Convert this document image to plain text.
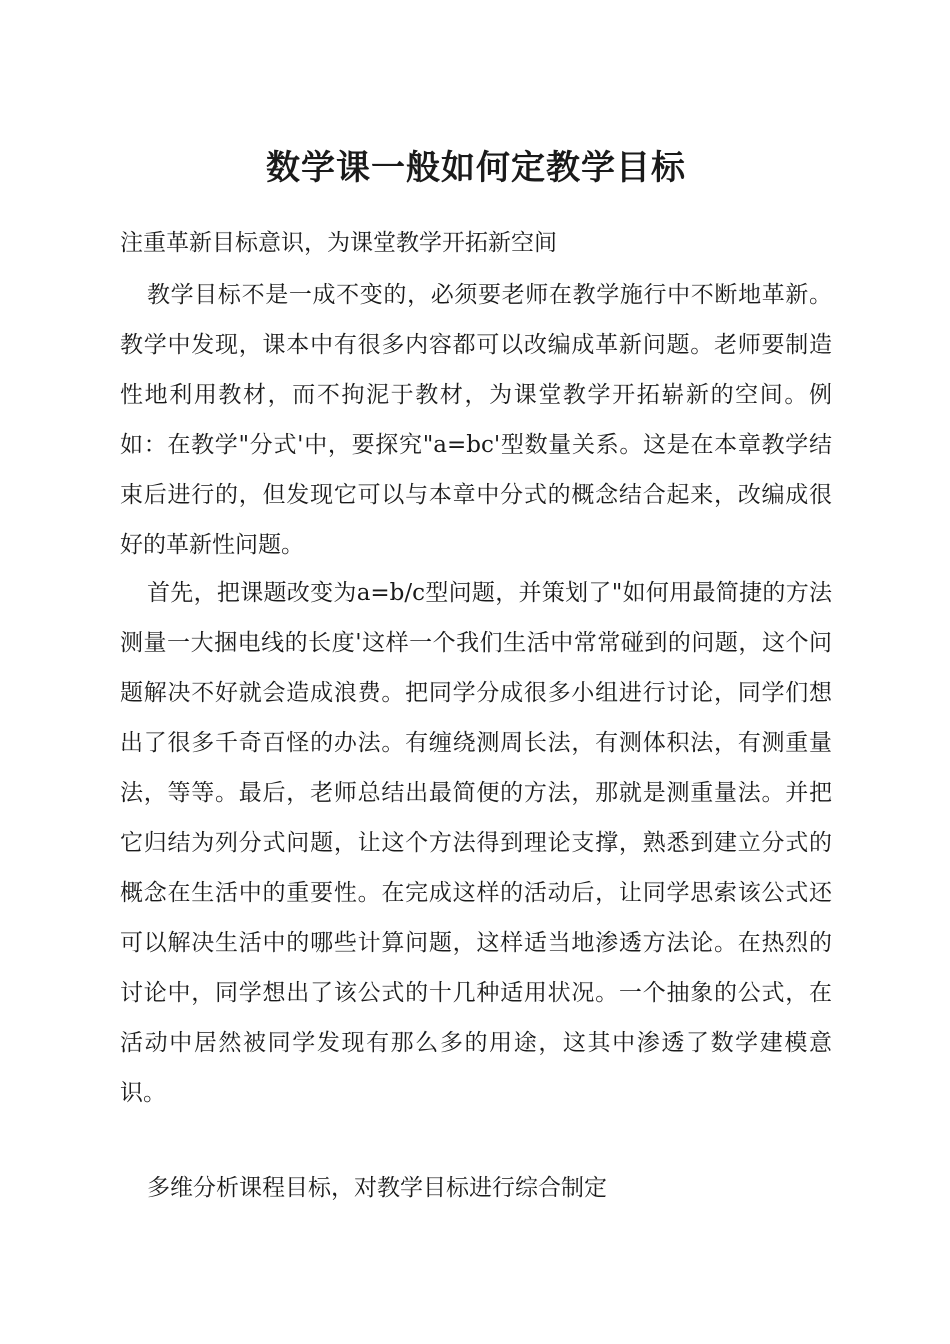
数学课一般如何定教学目标

注重革新目标意识，为课堂教学开拓新空间

教学目标不是一成不变的，必须要老师在教学施行中不断地革新。教学中发现，课本中有很多内容都可以改编成革新问题。老师要制造性地利用教材，而不拘泥于教材，为课堂教学开拓崭新的空间。例如：在教学"分式'中，要探究"a=bc'型数量关系。这是在本章教学结束后进行的，但发现它可以与本章中分式的概念结合起来，改编成很好的革新性问题。

首先，把课题改变为a=b/c型问题，并策划了"如何用最简捷的方法测量一大捆电线的长度'这样一个我们生活中常常碰到的问题，这个问题解决不好就会造成浪费。把同学分成很多小组进行讨论，同学们想出了很多千奇百怪的办法。有缠绕测周长法，有测体积法，有测重量法，等等。最后，老师总结出最简便的方法，那就是测重量法。并把它归结为列分式问题，让这个方法得到理论支撑，熟悉到建立分式的概念在生活中的重要性。在完成这样的活动后，让同学思索该公式还可以解决生活中的哪些计算问题，这样适当地渗透方法论。在热烈的讨论中，同学想出了该公式的十几种适用状况。一个抽象的公式，在活动中居然被同学发现有那么多的用途，这其中渗透了数学建模意识。

多维分析课程目标，对教学目标进行综合制定
